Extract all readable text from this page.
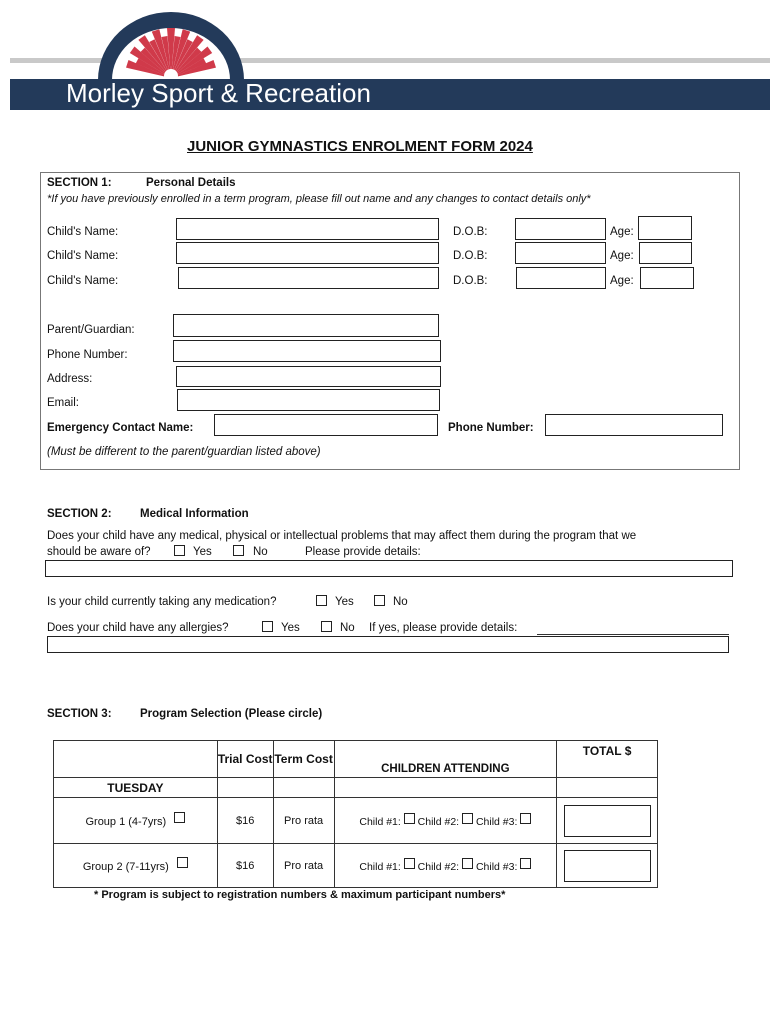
Morley Sport & Recreation
JUNIOR GYMNASTICS ENROLMENT FORM 2024
SECTION 1:	Personal Details
*If you have previously enrolled in a term program, please fill out name and any changes to contact details only*
Child's Name:	D.O.B:	Age:
Child's Name:	D.O.B:	Age:
Child's Name:	D.O.B:	Age:
Parent/Guardian:
Phone Number:
Address:
Email:
Emergency Contact Name:	Phone Number:
(Must be different to the parent/guardian listed above)
SECTION 2: Medical Information
Does your child have any medical, physical or intellectual problems that may affect them during the program that we
should be aware of?	Yes	No	Please provide details:
Is your child currently taking any medication?	Yes	No
Does your child have any allergies?	Yes	No If yes, please provide details:
SECTION 3: Program Selection (Please circle)
	Trial Cost	Term Cost	CHILDREN ATTENDING	TOTAL $
TUESDAY				
Group 1 (4-7yrs)	$16	Pro rata	Child #1: Child #2: Child #3:	

Group 2 (7-11yrs)	$16	Pro rata	Child #1: Child #2: Child #3:	
* Program is subject to registration numbers & maximum participant numbers*
